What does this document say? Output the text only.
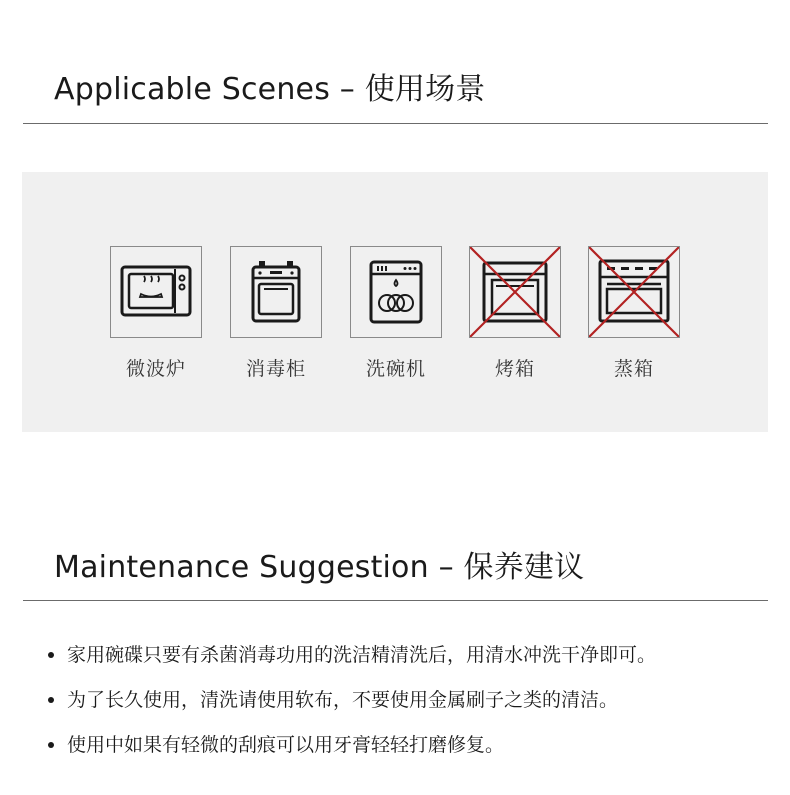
Applicable Scenes – 使用场景
微波炉	消毒柜	洗碗机	烤箱	蒸箱
Maintenance Suggestion – 保养建议
家用碗碟只要有杀菌消毒功用的洗洁精清洗后，用清水冲洗干净即可。
为了长久使用，清洗请使用软布，不要使用金属刷子之类的清洁。
使用中如果有轻微的刮痕可以用牙膏轻轻打磨修复。
